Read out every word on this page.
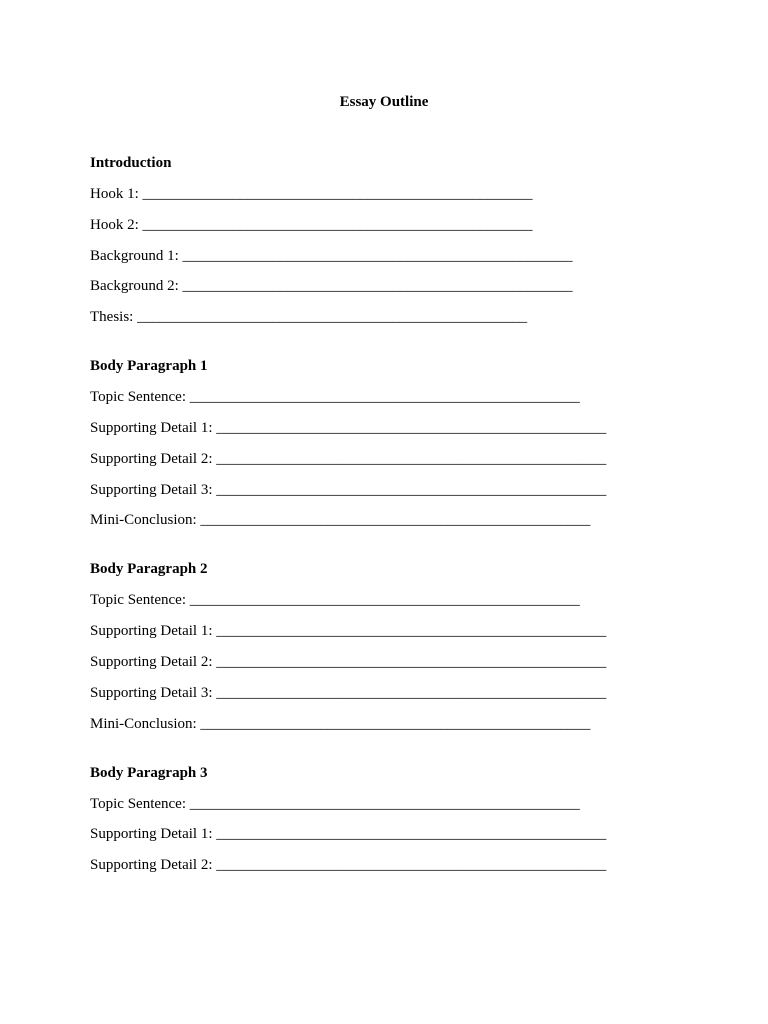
Essay Outline
Introduction
Hook 1: ____________________________________________________
Hook 2: ____________________________________________________
Background 1: ____________________________________________________
Background 2: ____________________________________________________
Thesis: ____________________________________________________
Body Paragraph 1
Topic Sentence: ____________________________________________________
Supporting Detail 1: ____________________________________________________
Supporting Detail 2: ____________________________________________________
Supporting Detail 3: ____________________________________________________
Mini-Conclusion: ____________________________________________________
Body Paragraph 2
Topic Sentence: ____________________________________________________
Supporting Detail 1: ____________________________________________________
Supporting Detail 2: ____________________________________________________
Supporting Detail 3: ____________________________________________________
Mini-Conclusion: ____________________________________________________
Body Paragraph 3
Topic Sentence: ____________________________________________________
Supporting Detail 1: ____________________________________________________
Supporting Detail 2: ____________________________________________________
